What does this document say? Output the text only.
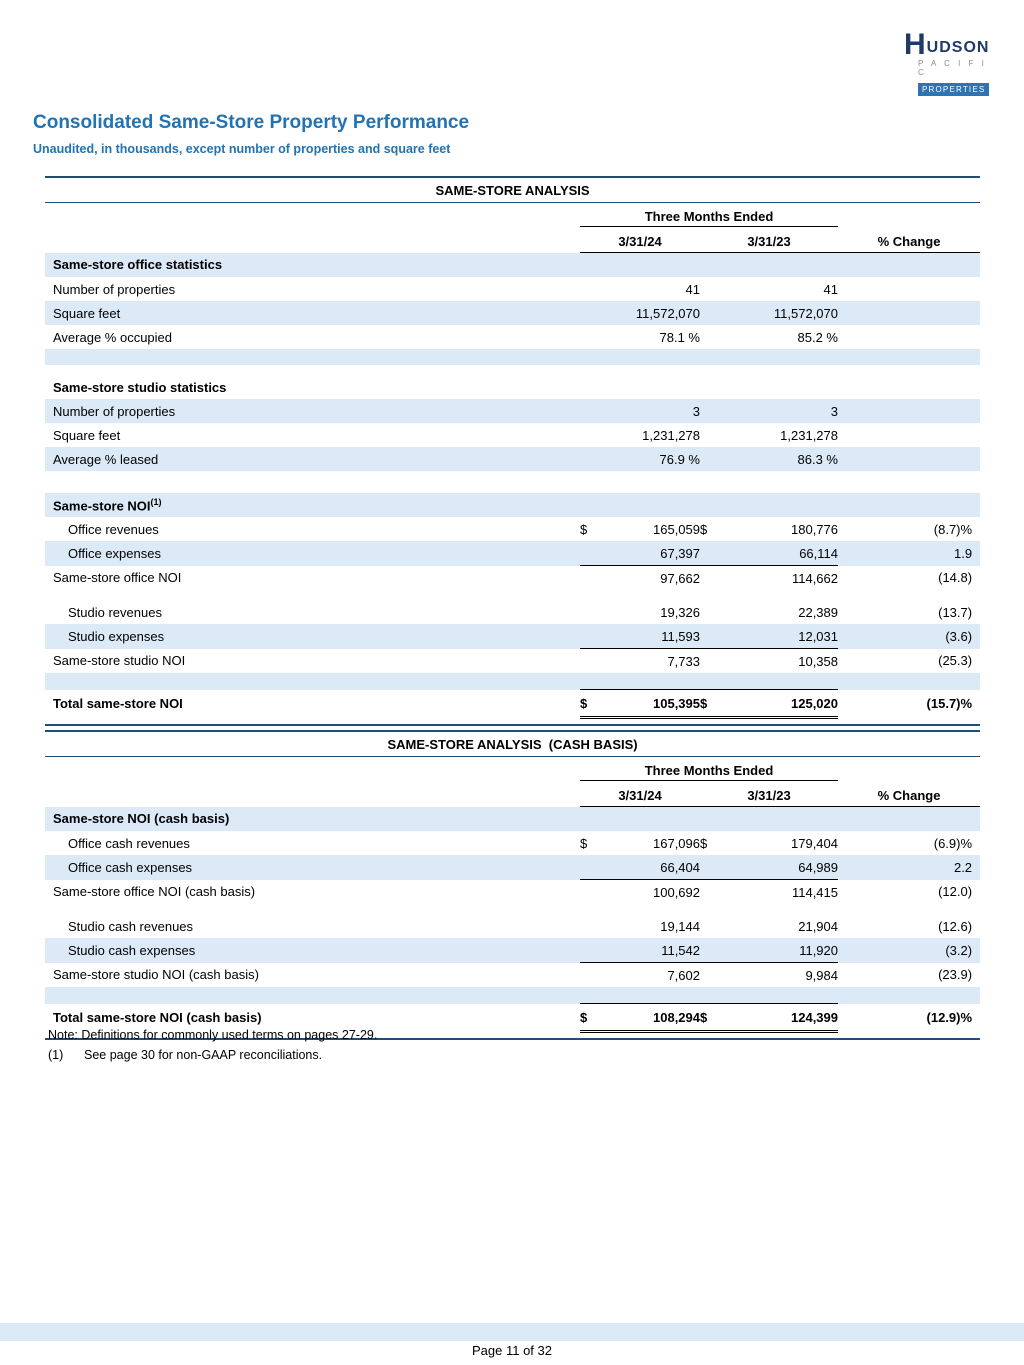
H UDSON
P A C I F I C
PROPERTIES
Consolidated Same-Store Property Performance
Unaudited, in thousands, except number of properties and square feet
SAME-STORE ANALYSIS					
	Three Months Ended				
	3/31/24		3/31/23		% Change
Same-store office statistics					
Number of properties		41		41	
Square feet		11,572,070		11,572,070	
Average % occupied		78.1 %		85.2 %	

Same-store studio statistics					
Number of properties		3		3	
Square feet		1,231,278		1,231,278	
Average % leased		76.9 %		86.3 %	

Same-store NOI$^{(1)}$					
Office revenues	$	165,059	$	180,776	(8.7)%
Office expenses		67,397		66,114	1.9
Same-store office NOI		97,662		114,662	(14.8)

Studio revenues		19,326		22,389	(13.7)
Studio expenses		11,593		12,031	(3.6)
Same-store studio NOI		7,733		10,358	(25.3)

Total same-store NOI	$	105,395	$	125,020	(15.7)%
SAME-STORE ANALYSIS  (CASH BASIS)					
	Three Months Ended				
	3/31/24		3/31/23		% Change
Same-store NOI (cash basis)					
Office cash revenues	$	167,096	$	179,404	(6.9)%
Office cash expenses		66,404		64,989	2.2
Same-store office NOI (cash basis)		100,692		114,415	(12.0)

Studio cash revenues		19,144		21,904	(12.6)
Studio cash expenses		11,542		11,920	(3.2)
Same-store studio NOI (cash basis)		7,602		9,984	(23.9)

Total same-store NOI (cash basis)	$	108,294	$	124,399	(12.9)%
Note: Definitions for commonly used terms on pages 27-29.
(1)	See page 30 for non-GAAP reconciliations.
Page 11 of 32
